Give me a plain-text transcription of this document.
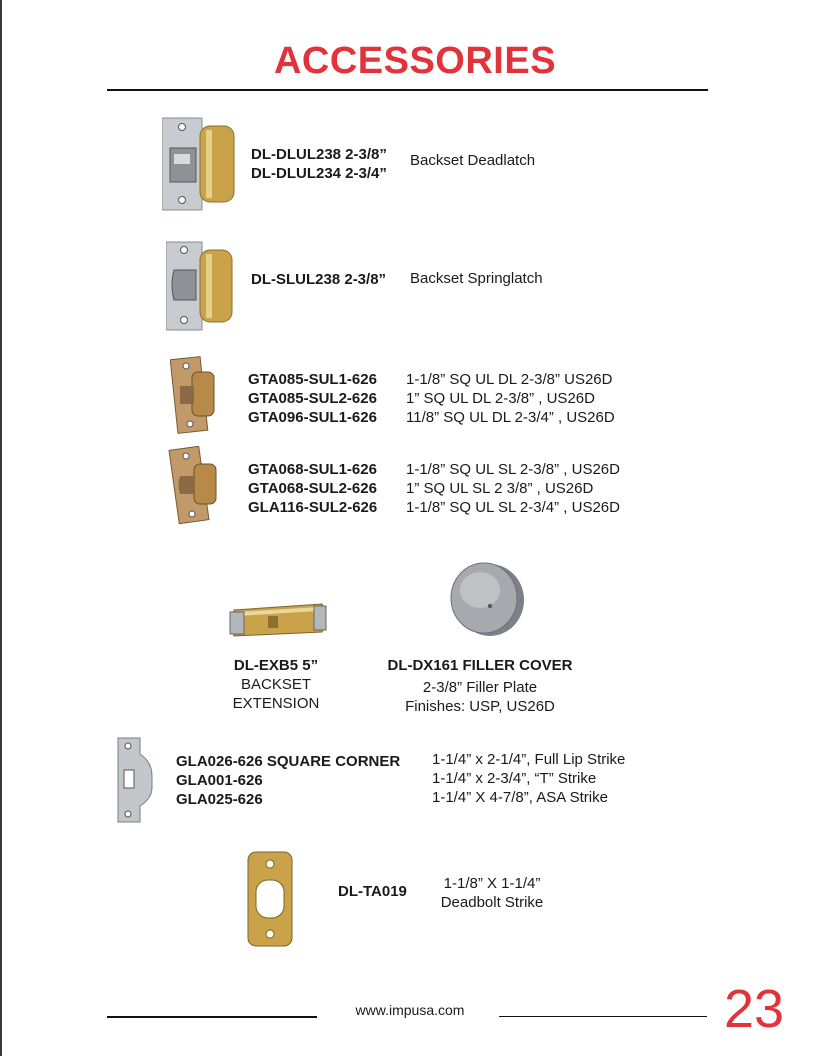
ACCESSORIES
DL-DLUL238 2-3/8”
DL-DLUL234 2-3/4”
Backset Deadlatch
DL-SLUL238 2-3/8” Backset Springlatch
GTA085-SUL1-626
GTA085-SUL2-626
GTA096-SUL1-626
1-1/8” SQ UL DL 2-3/8” US26D
1” SQ UL DL 2-3/8” , US26D
11/8” SQ UL DL 2-3/4” , US26D
GTA068-SUL1-626
GTA068-SUL2-626
GLA116-SUL2-626
1-1/8” SQ UL SL 2-3/8” , US26D
1” SQ UL SL 2 3/8” , US26D
1-1/8” SQ UL SL 2-3/4” , US26D
DL-EXB5 5”
BACKSET
EXTENSION
DL-DX161 FILLER COVER
2-3/8” Filler Plate
Finishes: USP, US26D
GLA026-626 SQUARE CORNER
GLA001-626
GLA025-626
1-1/4” x 2-1/4”, Full Lip Strike
1-1/4” x 2-3/4”, “T” Strike
1-1/4” X 4-7/8”, ASA Strike
DL-TA019	1-1/8” X 1-1/4”
Deadbolt Strike
www.impusa.com	23
